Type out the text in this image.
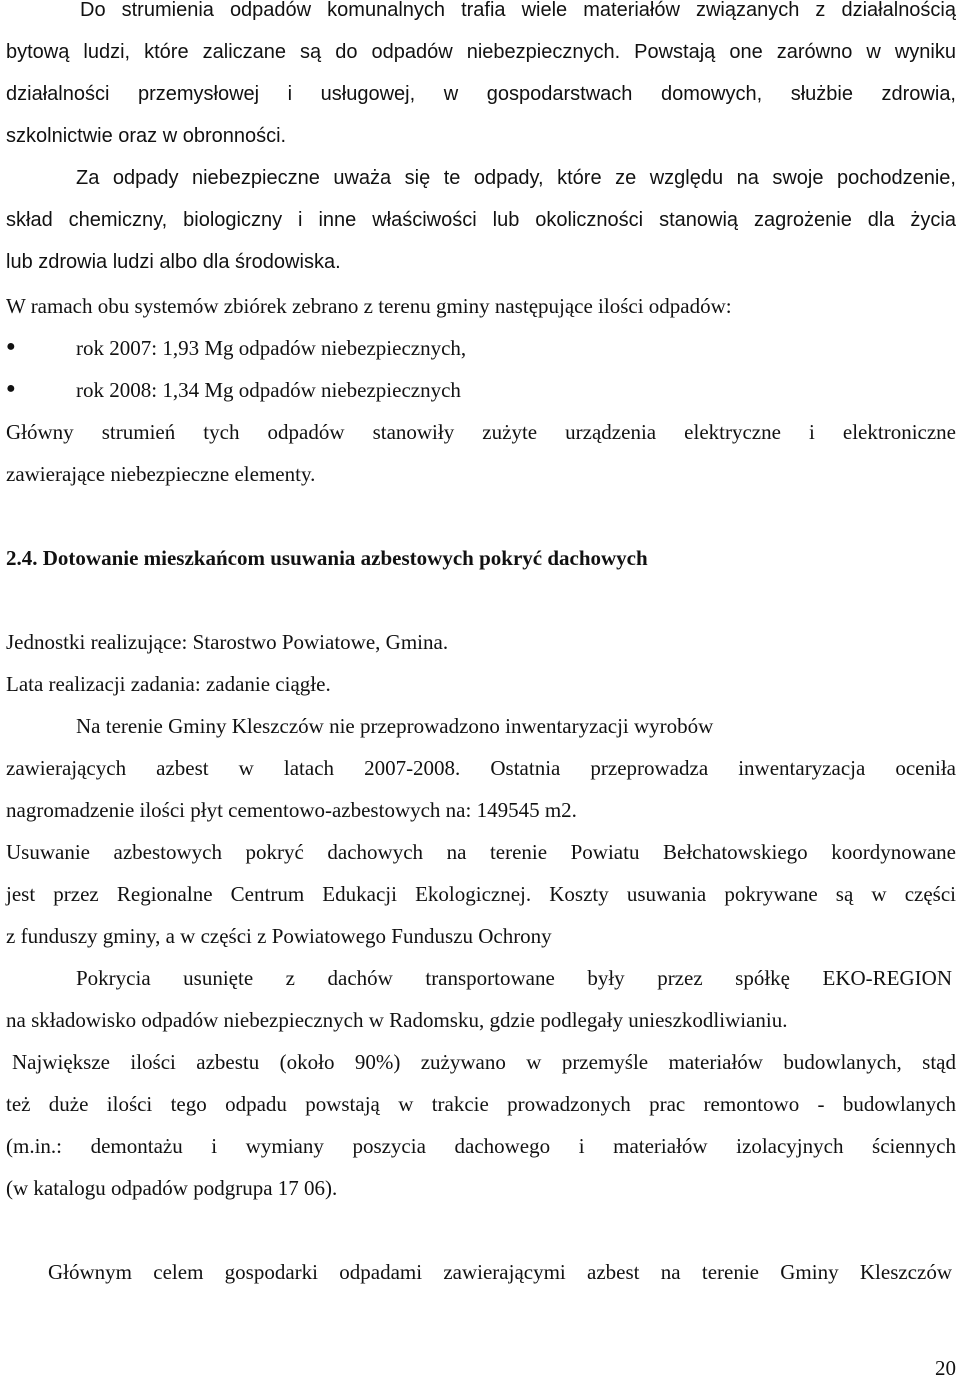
Do strumienia odpadów komunalnych trafia wiele materiałów związanych z działalnością

bytową ludzi, które zaliczane są do odpadów niebezpiecznych. Powstają one zarówno w wyniku

działalności przemysłowej i usługowej, w gospodarstwach domowych, służbie zdrowia,

szkolnictwie oraz w obronności.

Za odpady niebezpieczne uważa się te odpady, które ze względu na swoje pochodzenie,

skład chemiczny, biologiczny i inne właściwości lub okoliczności stanowią zagrożenie dla życia

lub zdrowia ludzi albo dla środowiska.

W ramach obu systemów zbiórek zebrano z terenu gminy następujące ilości odpadów:

●	rok 2007: 1,93 Mg odpadów niebezpiecznych,

●	rok 2008: 1,34 Mg odpadów niebezpiecznych

Główny strumień tych odpadów stanowiły zużyte urządzenia elektryczne i elektroniczne

zawierające niebezpieczne elementy.

2.4. Dotowanie mieszkańcom usuwania azbestowych pokryć dachowych

Jednostki realizujące: Starostwo Powiatowe, Gmina.

Lata realizacji zadania: zadanie ciągłe.

Na terenie Gminy Kleszczów nie przeprowadzono inwentaryzacji wyrobów

zawierających azbest w latach 2007-2008. Ostatnia przeprowadza inwentaryzacja oceniła

nagromadzenie ilości płyt cementowo-azbestowych na: 149545 m2.

Usuwanie azbestowych pokryć dachowych na terenie Powiatu Bełchatowskiego koordynowane

jest przez Regionalne Centrum Edukacji Ekologicznej. Koszty usuwania pokrywane są w części

z funduszy gminy, a w części z Powiatowego Funduszu Ochrony

Pokrycia usunięte z dachów transportowane były przez spółkę EKO-REGION

na składowisko odpadów niebezpiecznych w Radomsku, gdzie podlegały unieszkodliwianiu.

Największe ilości azbestu (około 90%) zużywano w przemyśle materiałów budowlanych, stąd

też duże ilości tego odpadu powstają w trakcie prowadzonych prac remontowo - budowlanych

(m.in.: demontażu i wymiany poszycia dachowego i materiałów izolacyjnych ściennych

(w katalogu odpadów podgrupa 17 06).

Głównym celem gospodarki odpadami zawierającymi azbest na terenie Gminy Kleszczów

20
